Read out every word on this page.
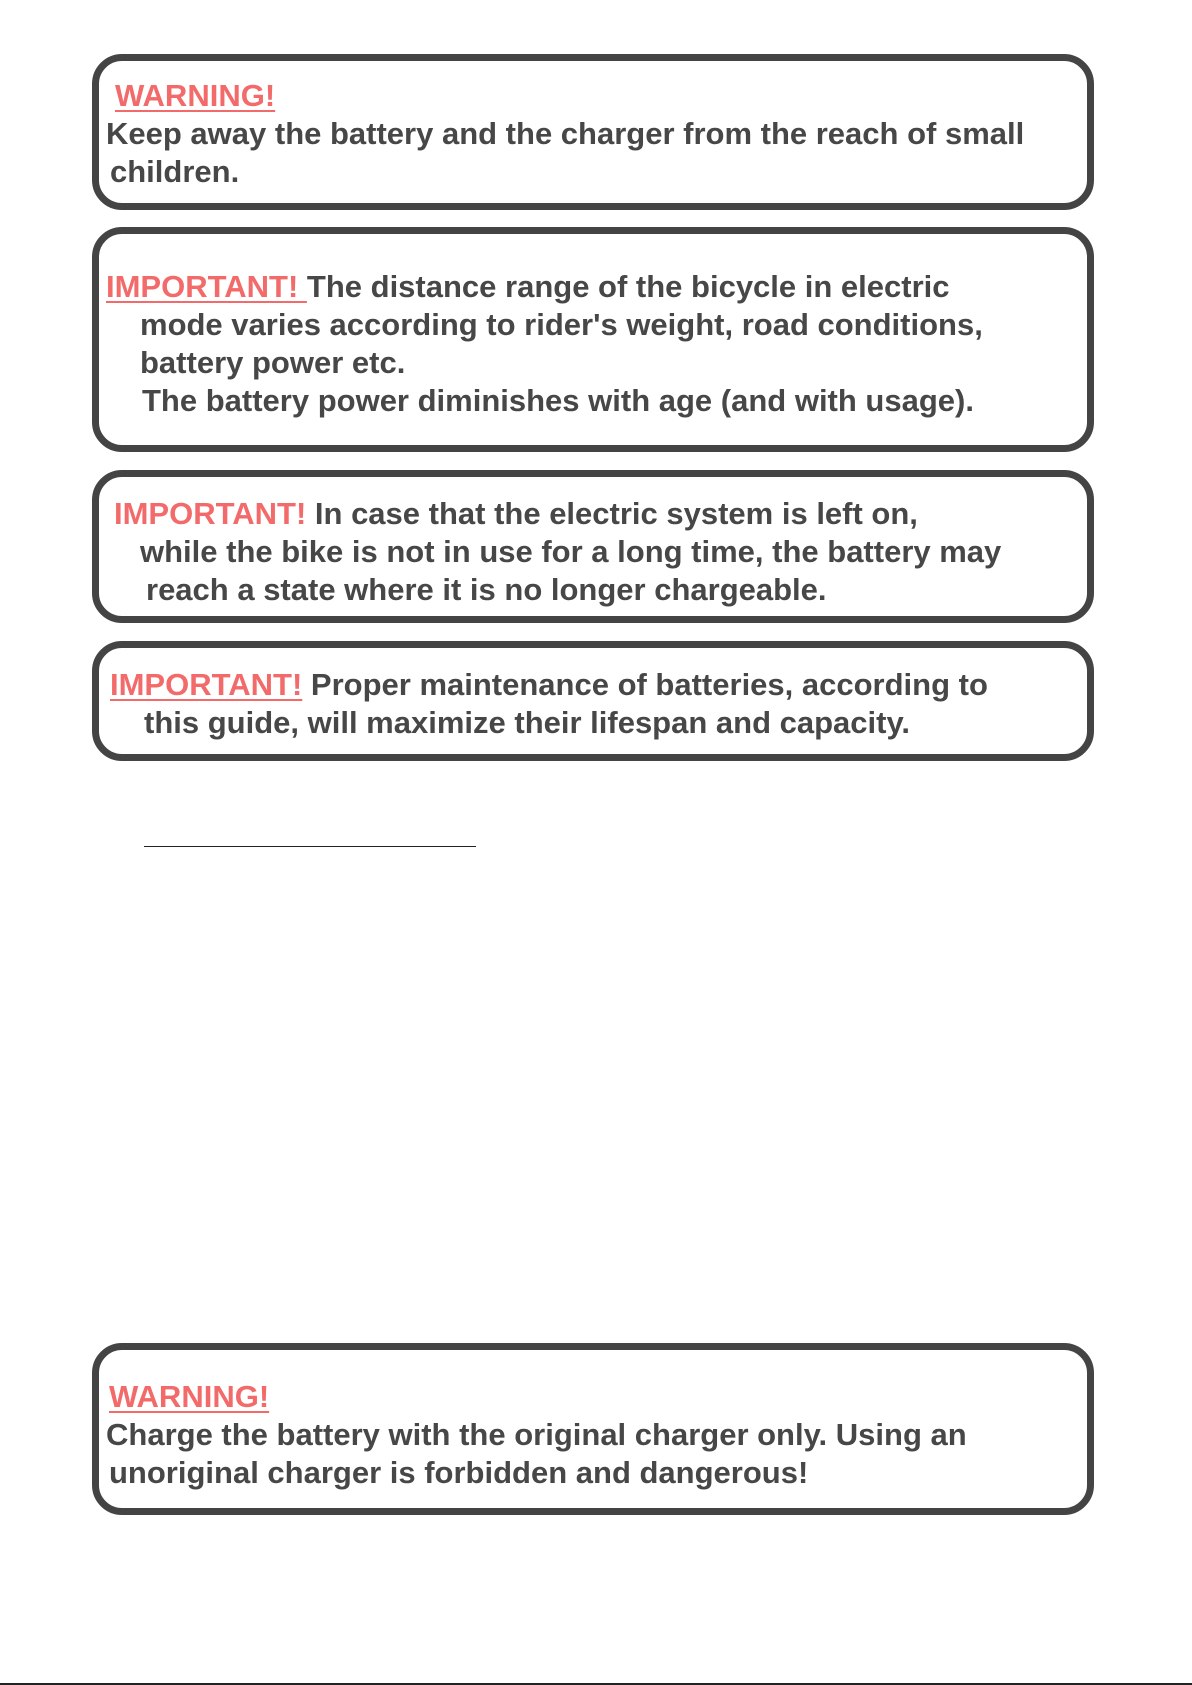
WARNING!
Keep away the battery and the charger from the reach of small
children.
IMPORTANT! The distance range of the bicycle in electric
mode varies according to rider's weight, road conditions,
battery power etc.
The battery power diminishes with age (and with usage).
IMPORTANT! In case that the electric system is left on,
while the bike is not in use for a long time, the battery may
reach a state where it is no longer chargeable.
IMPORTANT! Proper maintenance of batteries, according to
this guide, will maximize their lifespan and capacity.
WARNING!
Charge the battery with the original charger only. Using an
unoriginal charger is forbidden and dangerous!
